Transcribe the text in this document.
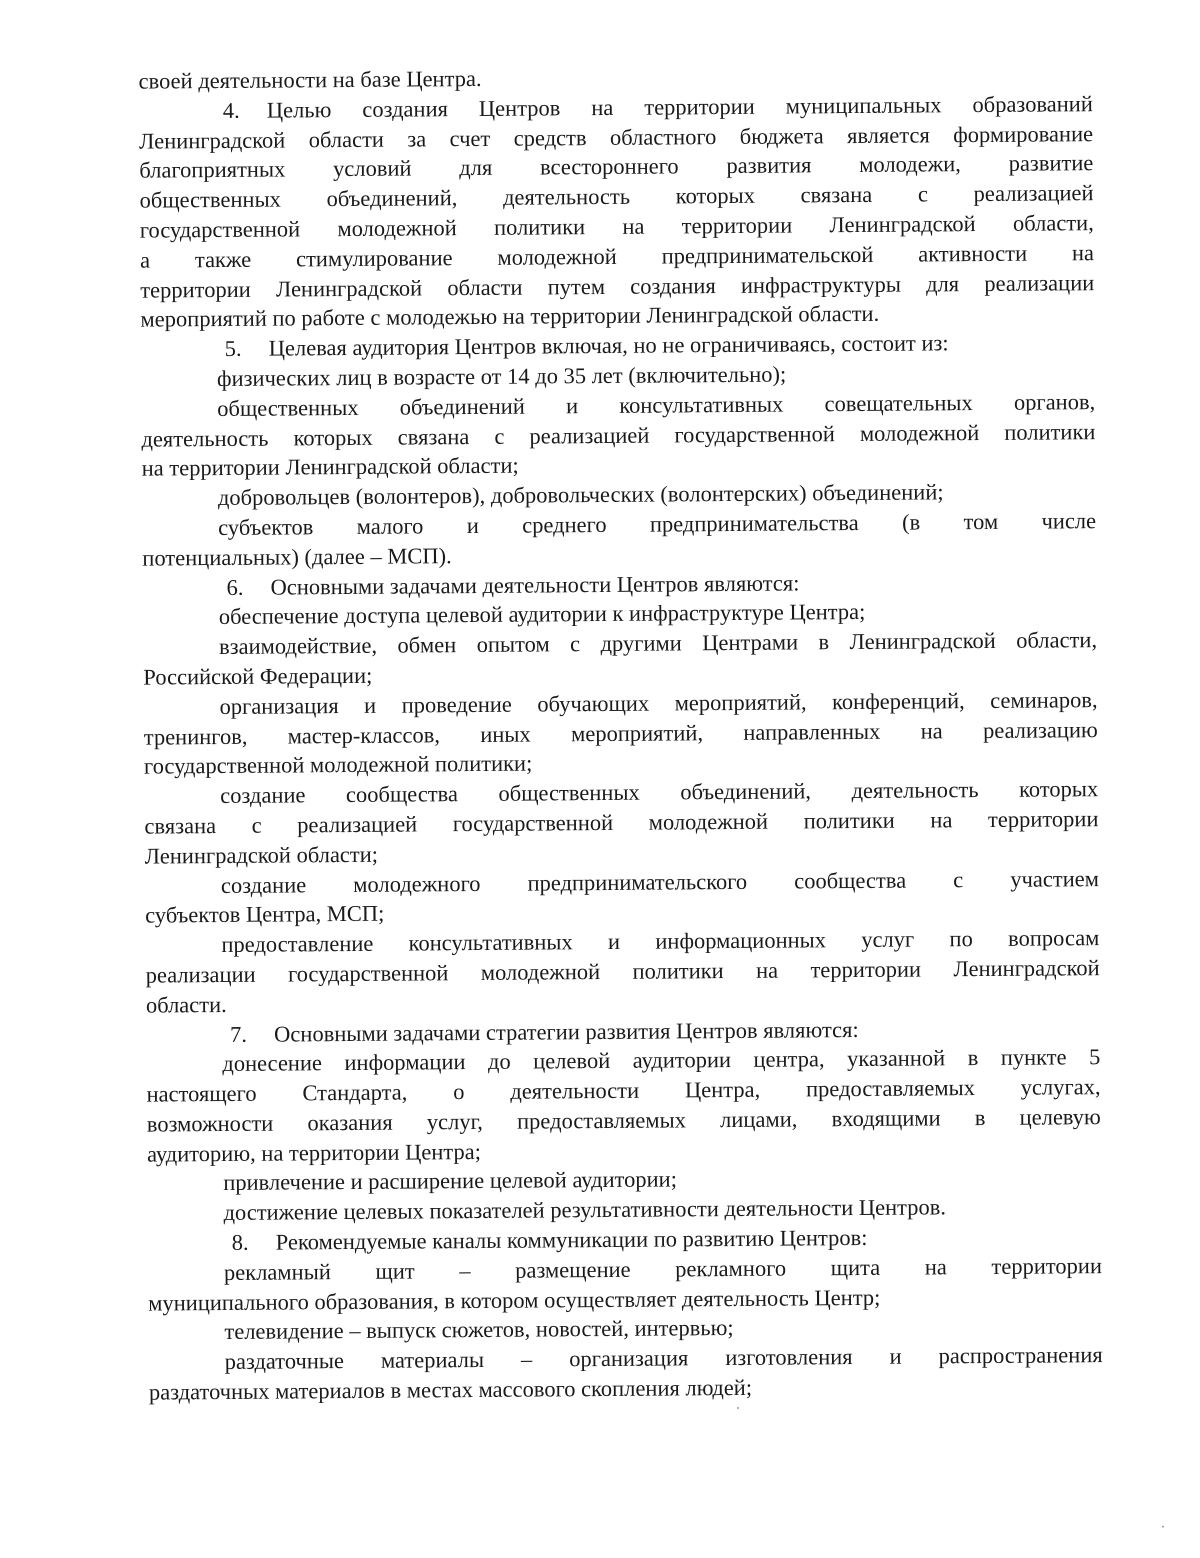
своей деятельности на базе Центра.
4. Целью создания Центров на территории муниципальных образований
Ленинградской области за счет средств областного бюджета является формирование
благоприятных условий для всестороннего развития молодежи, развитие
общественных объединений, деятельность которых связана с реализацией
государственной молодежной политики на территории Ленинградской области,
а также стимулирование молодежной предпринимательской активности на
территории Ленинградской области путем создания инфраструктуры для реализации
мероприятий по работе с молодежью на территории Ленинградской области.
5. Целевая аудитория Центров включая, но не ограничиваясь, состоит из:
физических лиц в возрасте от 14 до 35 лет (включительно);
общественных объединений и консультативных совещательных органов,
деятельность которых связана с реализацией государственной молодежной политики
на территории Ленинградской области;
добровольцев (волонтеров), добровольческих (волонтерских) объединений;
субъектов малого и среднего предпринимательства (в том числе
потенциальных) (далее – МСП).
6. Основными задачами деятельности Центров являются:
обеспечение доступа целевой аудитории к инфраструктуре Центра;
взаимодействие, обмен опытом с другими Центрами в Ленинградской области,
Российской Федерации;
организация и проведение обучающих мероприятий, конференций, семинаров,
тренингов, мастер-классов, иных мероприятий, направленных на реализацию
государственной молодежной политики;
создание сообщества общественных объединений, деятельность которых
связана с реализацией государственной молодежной политики на территории
Ленинградской области;
создание молодежного предпринимательского сообщества с участием
субъектов Центра, МСП;
предоставление консультативных и информационных услуг по вопросам
реализации государственной молодежной политики на территории Ленинградской
области.
7. Основными задачами стратегии развития Центров являются:
донесение информации до целевой аудитории центра, указанной в пункте 5
настоящего Стандарта, о деятельности Центра, предоставляемых услугах,
возможности оказания услуг, предоставляемых лицами, входящими в целевую
аудиторию, на территории Центра;
привлечение и расширение целевой аудитории;
достижение целевых показателей результативности деятельности Центров.
8. Рекомендуемые каналы коммуникации по развитию Центров:
рекламный щит – размещение рекламного щита на территории
муниципального образования, в котором осуществляет деятельность Центр;
телевидение – выпуск сюжетов, новостей, интервью;
раздаточные материалы – организация изготовления и распространения
раздаточных материалов в местах массового скопления людей;
